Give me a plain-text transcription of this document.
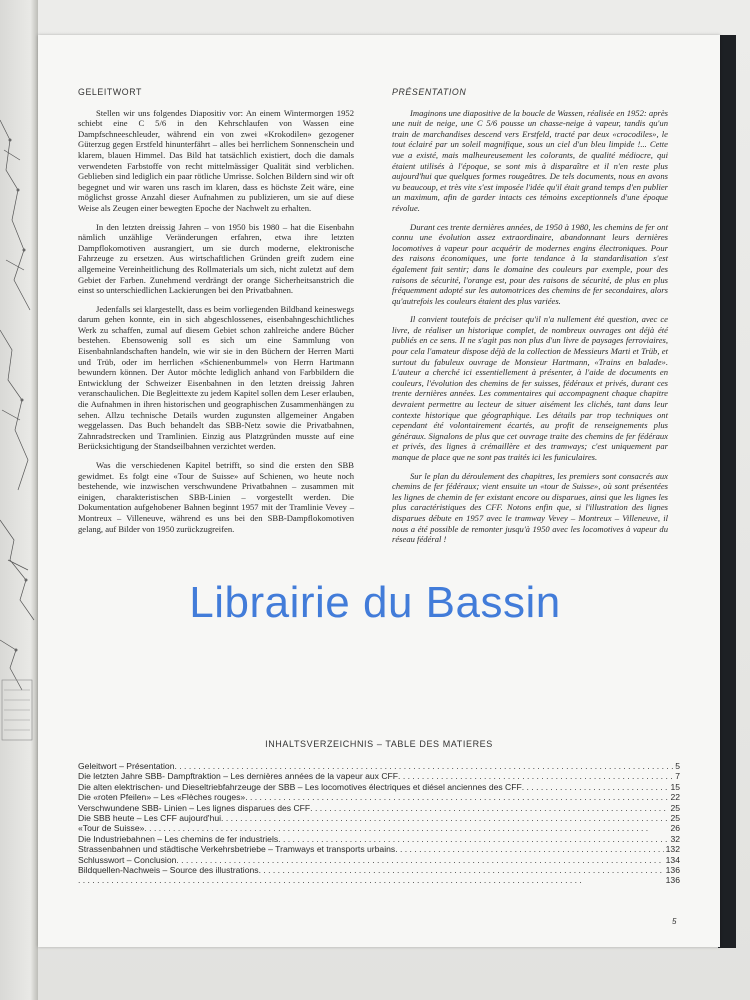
GELEITWORT

Stellen wir uns folgendes Diapositiv vor: An einem Wintermorgen 1952 schiebt eine C 5/6 in den Kehrschlaufen von Wassen eine Dampfschneeschleuder, während ein von zwei «Krokodilen» gezogener Güterzug gegen Erstfeld hinunterfährt – alles bei herrlichem Sonnenschein und klarem, blauen Himmel. Das Bild hat tatsächlich existiert, doch die damals verwendeten Farbstoffe von recht mittelmässiger Qualität sind verblichen. Geblieben sind lediglich ein paar rötliche Umrisse. Solchen Bildern sind wir oft begegnet und wir waren uns rasch im klaren, dass es höchste Zeit wäre, eine möglichst grosse Anzahl dieser Aufnahmen zu publizieren, um sie auf diese Weise als Zeugen einer bewegten Epoche der Nachwelt zu erhalten.

In den letzten dreissig Jahren – von 1950 bis 1980 – hat die Eisenbahn nämlich unzählige Veränderungen erfahren, etwa ihre letzten Dampflokomotiven ausrangiert, um sie durch moderne, elektronische Fahrzeuge zu ersetzen. Aus wirtschaftlichen Gründen greift zudem eine allgemeine Vereinheitlichung des Rollmaterials um sich, nicht zuletzt auf dem Gebiet der Farben. Zunehmend verdrängt der orange Sicherheitsanstrich die einst so unterschiedlichen Lackierungen bei den Privatbahnen.

Jedenfalls sei klargestellt, dass es beim vorliegenden Bildband keineswegs darum gehen konnte, ein in sich abgeschlossenes, eisenbahngeschichtliches Werk zu schaffen, zumal auf diesem Gebiet schon zahlreiche andere Bücher bestehen. Ebensowenig soll es sich um eine Sammlung von Eisenbahnlandschaften handeln, wie wir sie in den Büchern der Herren Marti und Trüb, oder im herrlichen «Schienenbummel» von Herrn Hartmann bewundern können. Der Autor möchte lediglich anhand von Farbbildern die Entwicklung der Schweizer Eisenbahnen in den letzten dreissig Jahren veranschaulichen. Die Begleittexte zu jedem Kapitel sollen dem Leser erlauben, die Aufnahmen in ihren historischen und geographischen Zusammenhängen zu sehen. Allzu technische Details wurden zugunsten allgemeiner Angaben weggelassen. Das Buch behandelt das SBB-Netz sowie die Privatbahnen, Zahnradstrecken und Tramlinien. Einzig aus Platzgründen musste auf eine Berücksichtigung der Standseilbahnen verzichtet werden.

Was die verschiedenen Kapitel betrifft, so sind die ersten den SBB gewidmet. Es folgt eine «Tour de Suisse» auf Schienen, wo heute noch bestehende, wie inzwischen verschwundene Privatbahnen – zusammen mit einigen, charakteristischen SBB-Linien – vorgestellt werden. Die Dokumentation aufgehobener Bahnen beginnt 1957 mit der Tramlinie Vevey – Montreux – Villeneuve, während es uns bei den SBB-Dampflokomotiven gelang, auf Bilder von 1950 zurückzugreifen.

PRÉSENTATION

Imaginons une diapositive de la boucle de Wassen, réalisée en 1952: après une nuit de neige, une C 5/6 pousse un chasse-neige à vapeur, tandis qu'un train de marchandises descend vers Erstfeld, tracté par deux «crocodiles», le tout éclairé par un soleil magnifique, sous un ciel d'un bleu limpide !... Cette vue a existé, mais malheureusement les colorants, de qualité médiocre, qui étaient utilisés à l'époque, se sont mis à disparaître et il n'en reste plus aujourd'hui que quelques formes rougeâtres. De tels documents, nous en avons vu beaucoup, et très vite s'est imposée l'idée qu'il était grand temps d'en publier un maximum, afin de garder intacts ces témoins exceptionnels d'une époque révolue.

Durant ces trente dernières années, de 1950 à 1980, les chemins de fer ont connu une évolution assez extraordinaire, abandonnant leurs dernières locomotives à vapeur pour acquérir de modernes engins électroniques. Pour des raisons économiques, une forte tendance à la standardisation s'est également fait sentir; dans le domaine des couleurs par exemple, pour des raisons de sécurité, l'orange est, pour des raisons de sécurité, de plus en plus fréquemment adopté sur les automotrices des chemins de fer secondaires, alors qu'autrefois les couleurs étaient des plus variées.

Il convient toutefois de préciser qu'il n'a nullement été question, avec ce livre, de réaliser un historique complet, de nombreux ouvrages ont déjà été publiés en ce sens. Il ne s'agit pas non plus d'un livre de paysages ferroviaires, pour cela l'amateur dispose déjà de la collection de Messieurs Marti et Trüb, et surtout du fabuleux ouvrage de Monsieur Hartmann, «Trains en balade». L'auteur a cherché ici essentiellement à présenter, à l'aide de documents en couleurs, l'évolution des chemins de fer suisses, fédéraux et privés, durant ces trente dernières années. Les commentaires qui accompagnent chaque chapitre devraient permettre au lecteur de situer aisément les clichés, tant dans leur contexte historique que géographique. Les détails par trop techniques ont cependant été volontairement écartés, au profit de renseignements plus généraux. Signalons de plus que cet ouvrage traite des chemins de fer fédéraux et privés, des lignes à crémaillère et des tramways; c'est uniquement par manque de place que ne sont pas traités ici les funiculaires.

Sur le plan du déroulement des chapitres, les premiers sont consacrés aux chemins de fer fédéraux; vient ensuite un «tour de Suisse», où sont présentées les lignes de chemin de fer existant encore ou disparues, ainsi que les lignes les plus caractéristiques des CFF. Notons enfin que, si l'illustration des lignes disparues débute en 1957 avec le tramway Vevey – Montreux – Villeneuve, il nous a été possible de remonter jusqu'à 1950 avec les locomotives à vapeur du réseau fédéral !

INHALTSVERZEICHNIS – TABLE DES MATIERES
Geleitwort – Présentation . . .	5
Die letzten Jahre SBB- Dampftraktion – Les dernières années de la vapeur aux CFF . . .	7
Die alten elektrischen- und Dieseltriebfahrzeuge der SBB – Les locomotives électriques et diésel anciennes des CFF . . .	15
Die «roten Pfeilen» – Les «Flèches rouges» . . .	22
Verschwundene SBB- Linien – Les lignes disparues des CFF . . .	25
Die SBB heute – Les CFF aujourd'hui . . .	25
«Tour de Suisse» . . .	26
Die Industriebahnen – Les chemins de fer industriels . . .	32
Strassenbahnen und städtische Verkehrsbetriebe – Tramways et transports urbains . . .	132
Schlusswort – Conclusion . . .	134
Bildquellen-Nachweis – Source des illustrations . . .	136
. . .
136
5
Librairie du Bassin
